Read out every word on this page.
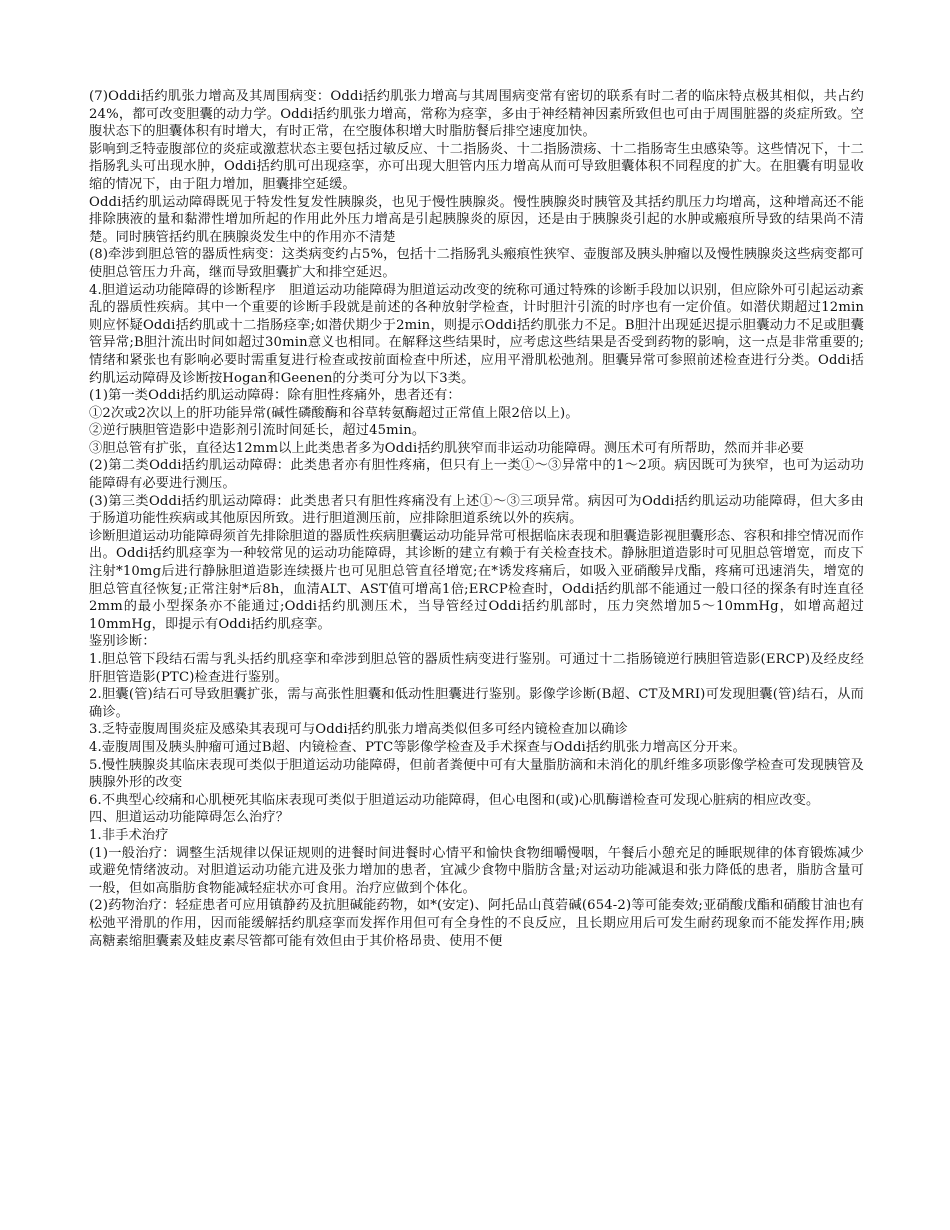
(7)Oddi括约肌张力增高及其周围病变：Oddi括约肌张力增高与其周围病变常有密切的联系有时二者的临床特点极其相似，共占约24%，都可改变胆囊的动力学。Oddi括约肌张力增高，常称为痉挛，多由于神经精神因素所致但也可由于周围脏器的炎症所致。空腹状态下的胆囊体积有时增大，有时正常，在空腹体积增大时脂肪餐后排空速度加快。

影响到乏特壶腹部位的炎症或激惹状态主要包括过敏反应、十二指肠炎、十二指肠溃疡、十二指肠寄生虫感染等。这些情况下，十二指肠乳头可出现水肿，Oddi括约肌可出现痉挛，亦可出现大胆管内压力增高从而可导致胆囊体积不同程度的扩大。在胆囊有明显收缩的情况下，由于阻力增加，胆囊排空延缓。

Oddi括约肌运动障碍既见于特发性复发性胰腺炎，也见于慢性胰腺炎。慢性胰腺炎时胰管及其括约肌压力均增高，这种增高还不能排除胰液的量和黏滞性增加所起的作用此外压力增高是引起胰腺炎的原因，还是由于胰腺炎引起的水肿或瘢痕所导致的结果尚不清楚。同时胰管括约肌在胰腺炎发生中的作用亦不清楚

(8)牵涉到胆总管的器质性病变：这类病变约占5%，包括十二指肠乳头瘢痕性狭窄、壶腹部及胰头肿瘤以及慢性胰腺炎这些病变都可使胆总管压力升高，继而导致胆囊扩大和排空延迟。

4.胆道运动功能障碍的诊断程序　胆道运动功能障碍为胆道运动改变的统称可通过特殊的诊断手段加以识别，但应除外可引起运动紊乱的器质性疾病。其中一个重要的诊断手段就是前述的各种放射学检查，计时胆汁引流的时序也有一定价值。如潜伏期超过12min则应怀疑Oddi括约肌或十二指肠痉挛;如潜伏期少于2min，则提示Oddi括约肌张力不足。B胆汁出现延迟提示胆囊动力不足或胆囊管异常;B胆汁流出时间如超过30min意义也相同。在解释这些结果时，应考虑这些结果是否受到药物的影响，这一点是非常重要的;情绪和紧张也有影响必要时需重复进行检查或按前面检查中所述，应用平滑肌松弛剂。胆囊异常可参照前述检查进行分类。Oddi括约肌运动障碍及诊断按Hogan和Geenen的分类可分为以下3类。

(1)第一类Oddi括约肌运动障碍：除有胆性疼痛外，患者还有：

①2次或2次以上的肝功能异常(碱性磷酸酶和谷草转氨酶超过正常值上限2倍以上)。

②逆行胰胆管造影中造影剂引流时间延长，超过45min。

③胆总管有扩张，直径达12mm以上此类患者多为Oddi括约肌狭窄而非运动功能障碍。测压术可有所帮助，然而并非必要

(2)第二类Oddi括约肌运动障碍：此类患者亦有胆性疼痛，但只有上一类①～③异常中的1～2项。病因既可为狭窄，也可为运动功能障碍有必要进行测压。

(3)第三类Oddi括约肌运动障碍：此类患者只有胆性疼痛没有上述①～③三项异常。病因可为Oddi括约肌运动功能障碍，但大多由于肠道功能性疾病或其他原因所致。进行胆道测压前，应排除胆道系统以外的疾病。

诊断胆道运动功能障碍须首先排除胆道的器质性疾病胆囊运动功能异常可根据临床表现和胆囊造影视胆囊形态、容积和排空情况而作出。Oddi括约肌痉挛为一种较常见的运动功能障碍，其诊断的建立有赖于有关检查技术。静脉胆道造影时可见胆总管增宽，而皮下注射*10mg后进行静脉胆道造影连续摄片也可见胆总管直径增宽;在*诱发疼痛后，如吸入亚硝酸异戊酯，疼痛可迅速消失，增宽的胆总管直径恢复;正常注射*后8h，血清ALT、AST值可增高1倍;ERCP检查时，Oddi括约肌部不能通过一般口径的探条有时连直径2mm的最小型探条亦不能通过;Oddi括约肌测压术，当导管经过Oddi括约肌部时，压力突然增加5～10mmHg，如增高超过10mmHg，即提示有Oddi括约肌痉挛。

鉴别诊断：

1.胆总管下段结石需与乳头括约肌痉挛和牵涉到胆总管的器质性病变进行鉴别。可通过十二指肠镜逆行胰胆管造影(ERCP)及经皮经肝胆管造影(PTC)检查进行鉴别。

2.胆囊(管)结石可导致胆囊扩张，需与高张性胆囊和低动性胆囊进行鉴别。影像学诊断(B超、CT及MRI)可发现胆囊(管)结石，从而确诊。

3.乏特壶腹周围炎症及感染其表现可与Oddi括约肌张力增高类似但多可经内镜检查加以确诊

4.壶腹周围及胰头肿瘤可通过B超、内镜检查、PTC等影像学检查及手术探查与Oddi括约肌张力增高区分开来。

5.慢性胰腺炎其临床表现可类似于胆道运动功能障碍，但前者粪便中可有大量脂肪滴和未消化的肌纤维多项影像学检查可发现胰管及胰腺外形的改变

6.不典型心绞痛和心肌梗死其临床表现可类似于胆道运动功能障碍，但心电图和(或)心肌酶谱检查可发现心脏病的相应改变。

四、胆道运动功能障碍怎么治疗？

1.非手术治疗

(1)一般治疗：调整生活规律以保证规则的进餐时间进餐时心情平和愉快食物细嚼慢咽，午餐后小憩充足的睡眠规律的体育锻炼减少或避免情绪波动。对胆道运动功能亢进及张力增加的患者，宜减少食物中脂肪含量;对运动功能减退和张力降低的患者，脂肪含量可一般，但如高脂肪食物能减轻症状亦可食用。治疗应做到个体化。

(2)药物治疗：轻症患者可应用镇静药及抗胆碱能药物，如*(安定)、阿托品山莨菪碱(654-2)等可能奏效;亚硝酸戊酯和硝酸甘油也有松弛平滑肌的作用，因而能缓解括约肌痉挛而发挥作用但可有全身性的不良反应，且长期应用后可发生耐药现象而不能发挥作用;胰高糖素缩胆囊素及蛙皮素尽管都可能有效但由于其价格昂贵、使用不便
